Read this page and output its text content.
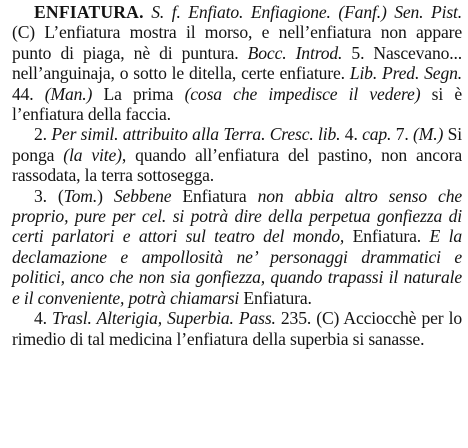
ENFIATURA. S. f. Enfiato. Enfiagione. (Fanf.) Sen. Pist. (C) L’enfiatura mostra il morso, e nell’enfiatura non appare punto di piaga, nè di puntura. Bocc. Introd. 5. Nascevano... nell’anguinaja, o sotto le ditella, certe enfiature. Lib. Pred. Segn. 44. (Man.) La prima (cosa che impedisce il vedere) si è l’enfiatura della faccia.

2. Per simil. attribuito alla Terra. Cresc. lib. 4. cap. 7. (M.) Si ponga (la vite), quando all’enfiatura del pastino, non ancora rassodata, la terra sottosegga.

3. (Tom.) Sebbene Enfiatura non abbia altro senso che proprio, pure per cel. si potrà dire della perpetua gonfiezza di certi parlatori e attori sul teatro del mondo, Enfiatura. E la declamazione e ampollosità ne’ personaggi drammatici e politici, anco che non sia gonfiezza, quando trapassi il naturale e il conveniente, potrà chiamarsi Enfiatura.

4. Trasl. Alterigia, Superbia. Pass. 235. (C) Acciocchè per lo rimedio di tal medicina l’enfiatura della superbia si sanasse.
